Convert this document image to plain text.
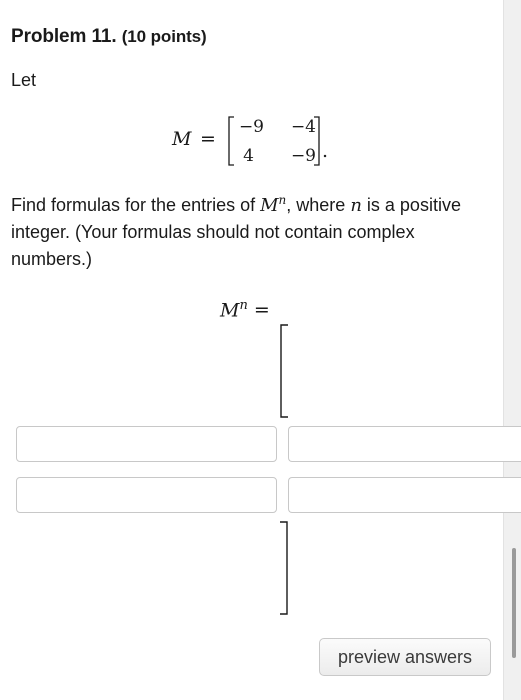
Problem 11. (10 points)
Let
M =
−9 −4
4 −9 .
Find formulas for the entries of $M^n$, where n is a positive integer. (Your formulas should not contain complex numbers.)
$M^n$ =
preview answers
